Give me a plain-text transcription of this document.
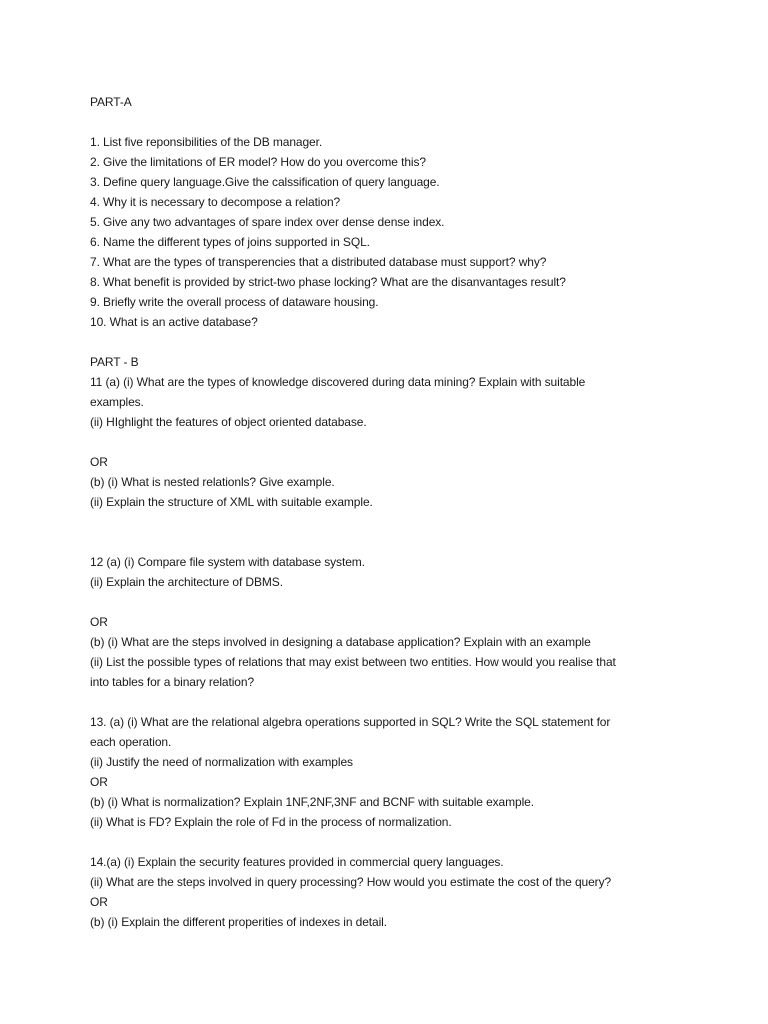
PART-A
1. List five reponsibilities of the DB manager.
2. Give the limitations of ER model? How do you overcome this?
3. Define query language.Give the calssification of query language.
4. Why it is necessary to decompose a relation?
5. Give any two advantages of spare index over dense dense index.
6. Name the different types of joins supported in SQL.
7. What are the types of transperencies that a distributed database must support? why?
8. What benefit is provided by strict-two phase locking? What are the disanvantages result?
9. Briefly write the overall process of dataware housing.
10. What is an active database?
PART - B
11 (a) (i) What are the types of knowledge discovered during data mining? Explain with suitable
examples.
(ii) HIghlight the features of object oriented database.
OR
(b) (i) What is nested relationls? Give example.
(ii) Explain the structure of XML with suitable example.
12 (a) (i) Compare file system with database system.
(ii) Explain the architecture of DBMS.
OR
(b) (i) What are the steps involved in designing a database application? Explain with an example
(ii) List the possible types of relations that may exist between two entities. How would you realise that
into tables for a binary relation?
13. (a) (i) What are the relational algebra operations supported in SQL? Write the SQL statement for
each operation.
(ii) Justify the need of normalization with examples
OR
(b) (i) What is normalization? Explain 1NF,2NF,3NF and BCNF with suitable example.
(ii) What is FD? Explain the role of Fd in the process of normalization.
14.(a) (i) Explain the security features provided in commercial query languages.
(ii) What are the steps involved in query processing? How would you estimate the cost of the query?
OR
(b) (i) Explain the different properities of indexes in detail.
